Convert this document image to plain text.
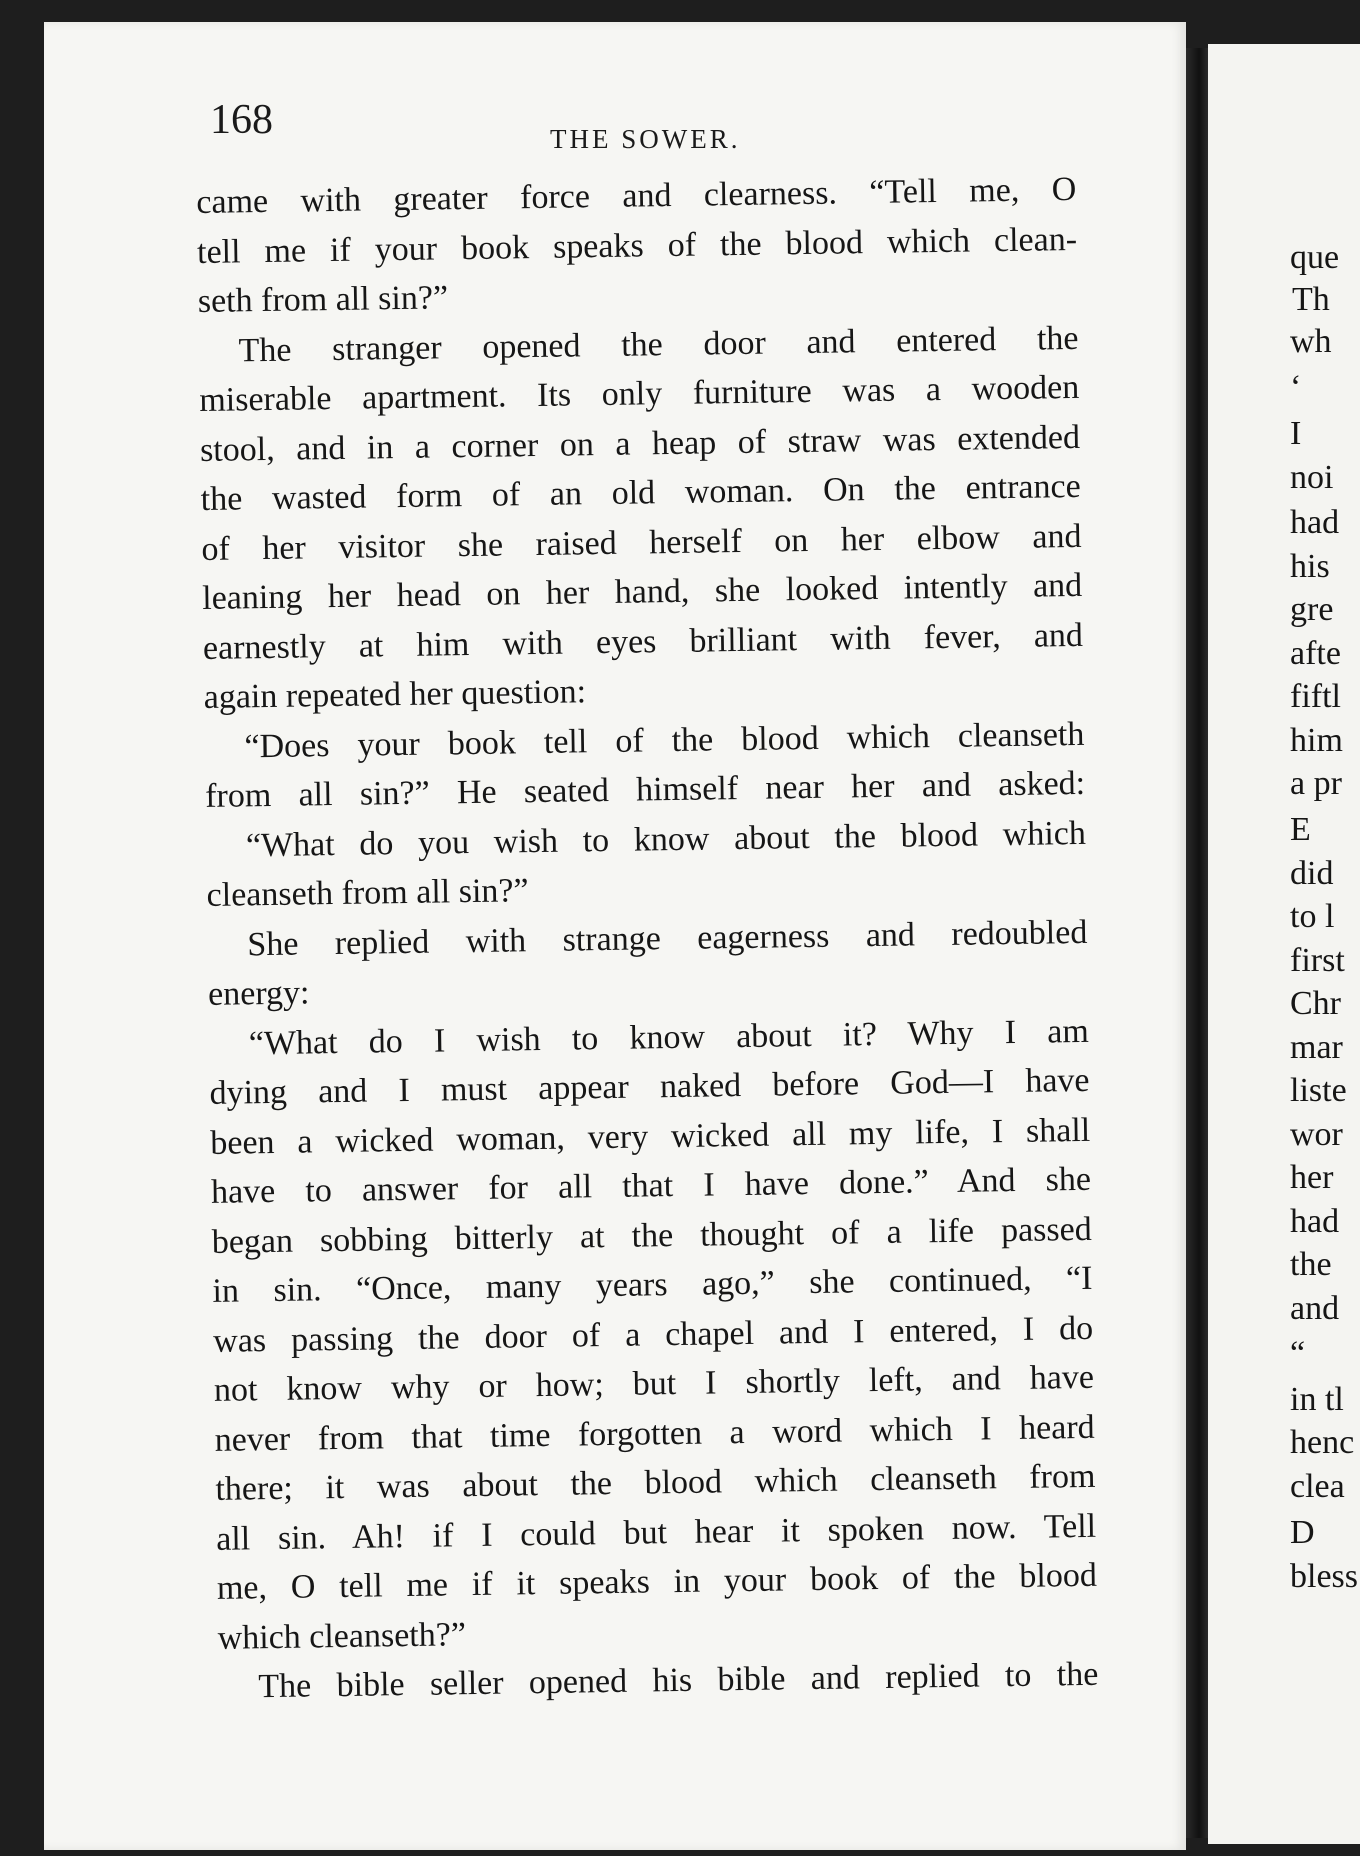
que
Th
wh
‘
I
noi
had
his
gre
afte
fiftl
him
a pr
E
did
to l
first
Chr
mar
liste
wor
her
had
the
and
“
in tl
henc
clea
D
bless
168	THE SOWER.
came with greater force and clearness. “Tell me, O
tell me if your book speaks of the blood which clean-
seth from all sin?”
The stranger opened the door and entered the
miserable apartment. Its only furniture was a wooden
stool, and in a corner on a heap of straw was extended
the wasted form of an old woman. On the entrance
of her visitor she raised herself on her elbow and
leaning her head on her hand, she looked intently and
earnestly at him with eyes brilliant with fever, and
again repeated her question:
“Does your book tell of the blood which cleanseth
from all sin?” He seated himself near her and asked:
“What do you wish to know about the blood which
cleanseth from all sin?”
She replied with strange eagerness and redoubled
energy:
“What do I wish to know about it? Why I am
dying and I must appear naked before God—I have
been a wicked woman, very wicked all my life, I shall
have to answer for all that I have done.” And she
began sobbing bitterly at the thought of a life passed
in sin. “Once, many years ago,” she continued, “I
was passing the door of a chapel and I entered, I do
not know why or how; but I shortly left, and have
never from that time forgotten a word which I heard
there; it was about the blood which cleanseth from
all sin. Ah! if I could but hear it spoken now. Tell
me, O tell me if it speaks in your book of the blood
which cleanseth?”
The bible seller opened his bible and replied to the
